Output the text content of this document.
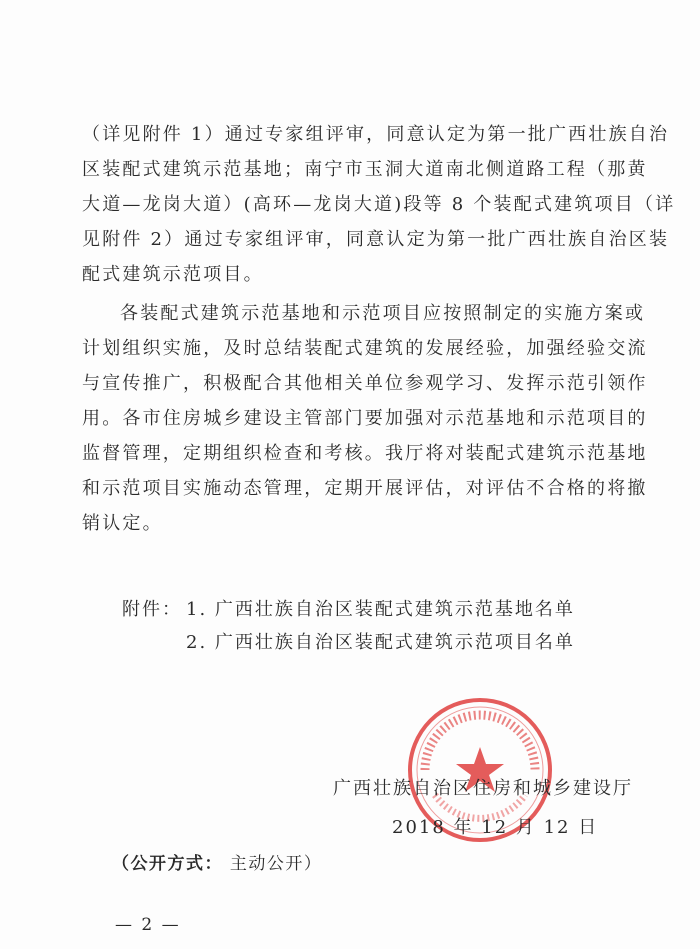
（详见附件 1）通过专家组评审，同意认定为第一批广西壮族自治
区装配式建筑示范基地；南宁市玉洞大道南北侧道路工程（那黄
大道—龙岗大道）(高环—龙岗大道)段等 8 个装配式建筑项目（详
见附件 2）通过专家组评审，同意认定为第一批广西壮族自治区装
配式建筑示范项目。
各装配式建筑示范基地和示范项目应按照制定的实施方案或
计划组织实施，及时总结装配式建筑的发展经验，加强经验交流
与宣传推广，积极配合其他相关单位参观学习、发挥示范引领作
用。各市住房城乡建设主管部门要加强对示范基地和示范项目的
监督管理，定期组织检查和考核。我厅将对装配式建筑示范基地
和示范项目实施动态管理，定期开展评估，对评估不合格的将撤
销认定。
附件： 1. 广西壮族自治区装配式建筑示范基地名单
2. 广西壮族自治区装配式建筑示范项目名单
广西壮族自治区住房和城乡建设厅
2018 年 12 月 12 日
（公开方式： 主动公开）
— 2 —
